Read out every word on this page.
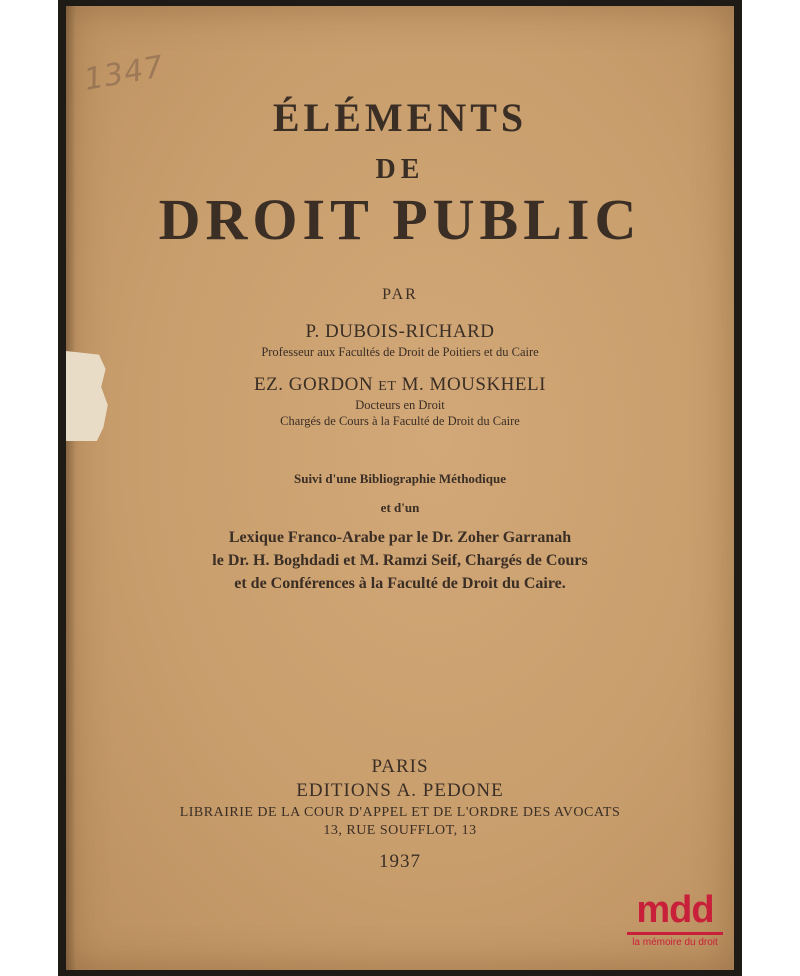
1347
ÉLÉMENTS
DE
DROIT PUBLIC
PAR
P. DUBOIS-RICHARD
Professeur aux Facultés de Droit de Poitiers et du Caire
EZ. GORDON ET M. MOUSKHELI
Docteurs en Droit
Chargés de Cours à la Faculté de Droit du Caire
Suivi d'une Bibliographie Méthodique
et d'un
Lexique Franco-Arabe par le Dr. Zoher Garranah
le Dr. H. Boghdadi et M. Ramzi Seif, Chargés de Cours
et de Conférences à la Faculté de Droit du Caire.
PARIS
EDITIONS A. PEDONE
LIBRAIRIE DE LA COUR D'APPEL ET DE L'ORDRE DES AVOCATS
13, RUE SOUFFLOT, 13
1937
mdd
la mémoire du droit
